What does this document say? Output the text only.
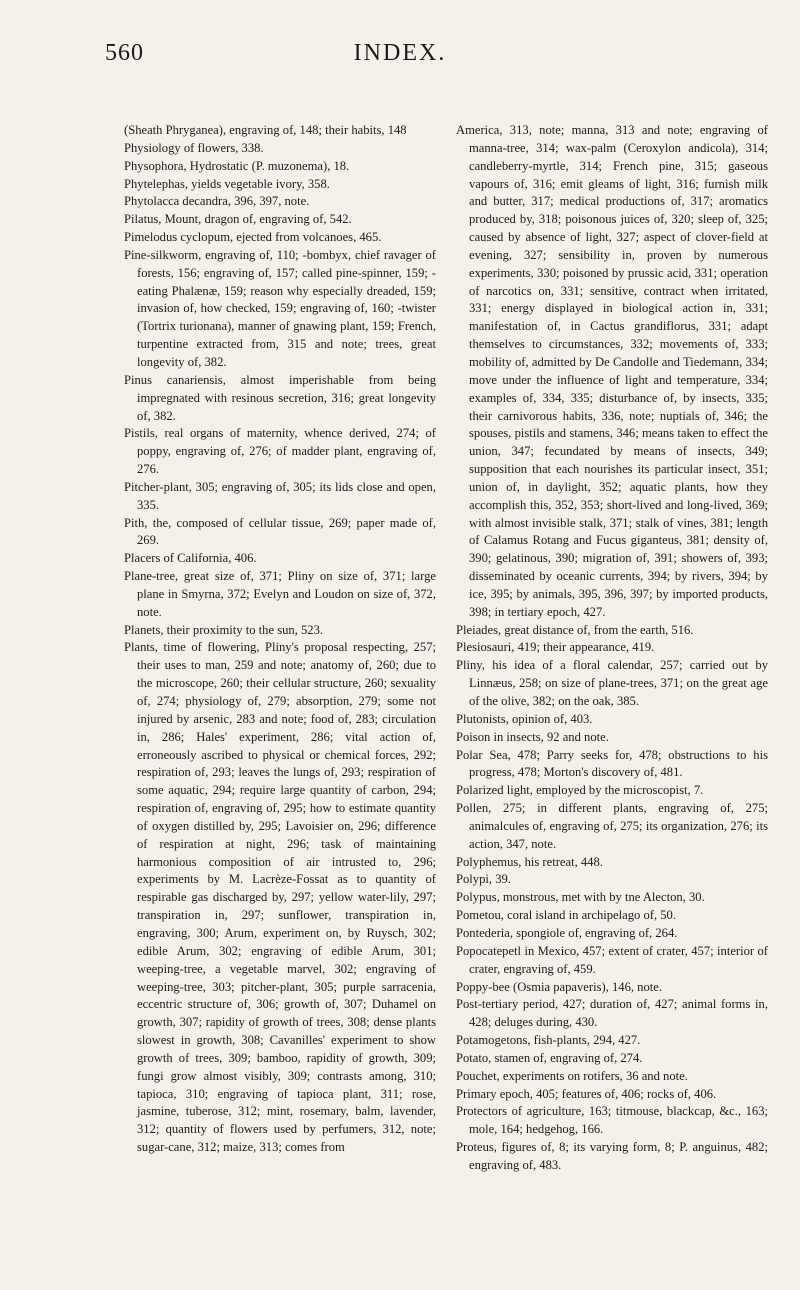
INDEX.
560

(Sheath Phryganea), engraving of, 148; their habits, 148

Physiology of flowers, 338.

Physophora, Hydrostatic (P. muzonema), 18.

Phytelephas, yields vegetable ivory, 358.

Phytolacca decandra, 396, 397, note.

Pilatus, Mount, dragon of, engraving of, 542.

Pimelodus cyclopum, ejected from volcanoes, 465.

Pine-silkworm, engraving of, 110; -bombyx, chief ravager of forests, 156; engraving of, 157; called pine-spinner, 159; -eating Phalænæ, 159; reason why especially dreaded, 159; invasion of, how checked, 159; engraving of, 160; -twister (Tortrix turionana), manner of gnawing plant, 159; French, turpentine extracted from, 315 and note; trees, great longevity of, 382.

Pinus canariensis, almost imperishable from being impregnated with resinous secretion, 316; great longevity of, 382.

Pistils, real organs of maternity, whence derived, 274; of poppy, engraving of, 276; of madder plant, engraving of, 276.

Pitcher-plant, 305; engraving of, 305; its lids close and open, 335.

Pith, the, composed of cellular tissue, 269; paper made of, 269.

Placers of California, 406.

Plane-tree, great size of, 371; Pliny on size of, 371; large plane in Smyrna, 372; Evelyn and Loudon on size of, 372, note.

Planets, their proximity to the sun, 523.

Plants, time of flowering, Pliny's proposal respecting, 257; their uses to man, 259 and note; anatomy of, 260; due to the microscope, 260; their cellular structure, 260; sexuality of, 274; physiology of, 279; absorption, 279; some not injured by arsenic, 283 and note; food of, 283; circulation in, 286; Hales' experiment, 286; vital action of, erroneously ascribed to physical or chemical forces, 292; respiration of, 293; leaves the lungs of, 293; respiration of some aquatic, 294; require large quantity of carbon, 294; respiration of, engraving of, 295; how to estimate quantity of oxygen distilled by, 295; Lavoisier on, 296; difference of respiration at night, 296; task of maintaining harmonious composition of air intrusted to, 296; experiments by M. Lacrèze-Fossat as to quantity of respirable gas discharged by, 297; yellow water-lily, 297; transpiration in, 297; sunflower, transpiration in, engraving, 300; Arum, experiment on, by Ruysch, 302; edible Arum, 302; engraving of edible Arum, 301; weeping-tree, a vegetable marvel, 302; engraving of weeping-tree, 303; pitcher-plant, 305; purple sarracenia, eccentric structure of, 306; growth of, 307; Duhamel on growth, 307; rapidity of growth of trees, 308; dense plants slowest in growth, 308; Cavanilles' experiment to show growth of trees, 309; bamboo, rapidity of growth, 309; fungi grow almost visibly, 309; contrasts among, 310; tapioca, 310; engraving of tapioca plant, 311; rose, jasmine, tuberose, 312; mint, rosemary, balm, lavender, 312; quantity of flowers used by perfumers, 312, note; sugar-cane, 312; maize, 313; comes from

America, 313, note; manna, 313 and note; engraving of manna-tree, 314; wax-palm (Ceroxylon andicola), 314; candleberry-myrtle, 314; French pine, 315; gaseous vapours of, 316; emit gleams of light, 316; furnish milk and butter, 317; medical productions of, 317; aromatics produced by, 318; poisonous juices of, 320; sleep of, 325; caused by absence of light, 327; aspect of clover-field at evening, 327; sensibility in, proven by numerous experiments, 330; poisoned by prussic acid, 331; operation of narcotics on, 331; sensitive, contract when irritated, 331; energy displayed in biological action in, 331; manifestation of, in Cactus grandiflorus, 331; adapt themselves to circumstances, 332; movements of, 333; mobility of, admitted by De Candolle and Tiedemann, 334; move under the influence of light and temperature, 334; examples of, 334, 335; disturbance of, by insects, 335; their carnivorous habits, 336, note; nuptials of, 346; the spouses, pistils and stamens, 346; means taken to effect the union, 347; fecundated by means of insects, 349; supposition that each nourishes its particular insect, 351; union of, in daylight, 352; aquatic plants, how they accomplish this, 352, 353; short-lived and long-lived, 369; with almost invisible stalk, 371; stalk of vines, 381; length of Calamus Rotang and Fucus giganteus, 381; density of, 390; gelatinous, 390; migration of, 391; showers of, 393; disseminated by oceanic currents, 394; by rivers, 394; by ice, 395; by animals, 395, 396, 397; by imported products, 398; in tertiary epoch, 427.

Pleiades, great distance of, from the earth, 516.

Plesiosauri, 419; their appearance, 419.

Pliny, his idea of a floral calendar, 257; carried out by Linnæus, 258; on size of plane-trees, 371; on the great age of the olive, 382; on the oak, 385.

Plutonists, opinion of, 403.

Poison in insects, 92 and note.

Polar Sea, 478; Parry seeks for, 478; obstructions to his progress, 478; Morton's discovery of, 481.

Polarized light, employed by the microscopist, 7.

Pollen, 275; in different plants, engraving of, 275; animalcules of, engraving of, 275; its organization, 276; its action, 347, note.

Polyphemus, his retreat, 448.

Polypi, 39.

Polypus, monstrous, met with by tne Alecton, 30.

Pometou, coral island in archipelago of, 50.

Pontederia, spongiole of, engraving of, 264.

Popocatepetl in Mexico, 457; extent of crater, 457; interior of crater, engraving of, 459.

Poppy-bee (Osmia papaveris), 146, note.

Post-tertiary period, 427; duration of, 427; animal forms in, 428; deluges during, 430.

Potamogetons, fish-plants, 294, 427.

Potato, stamen of, engraving of, 274.

Pouchet, experiments on rotifers, 36 and note.

Primary epoch, 405; features of, 406; rocks of, 406.

Protectors of agriculture, 163; titmouse, blackcap, &c., 163; mole, 164; hedgehog, 166.

Proteus, figures of, 8; its varying form, 8; P. anguinus, 482; engraving of, 483.
